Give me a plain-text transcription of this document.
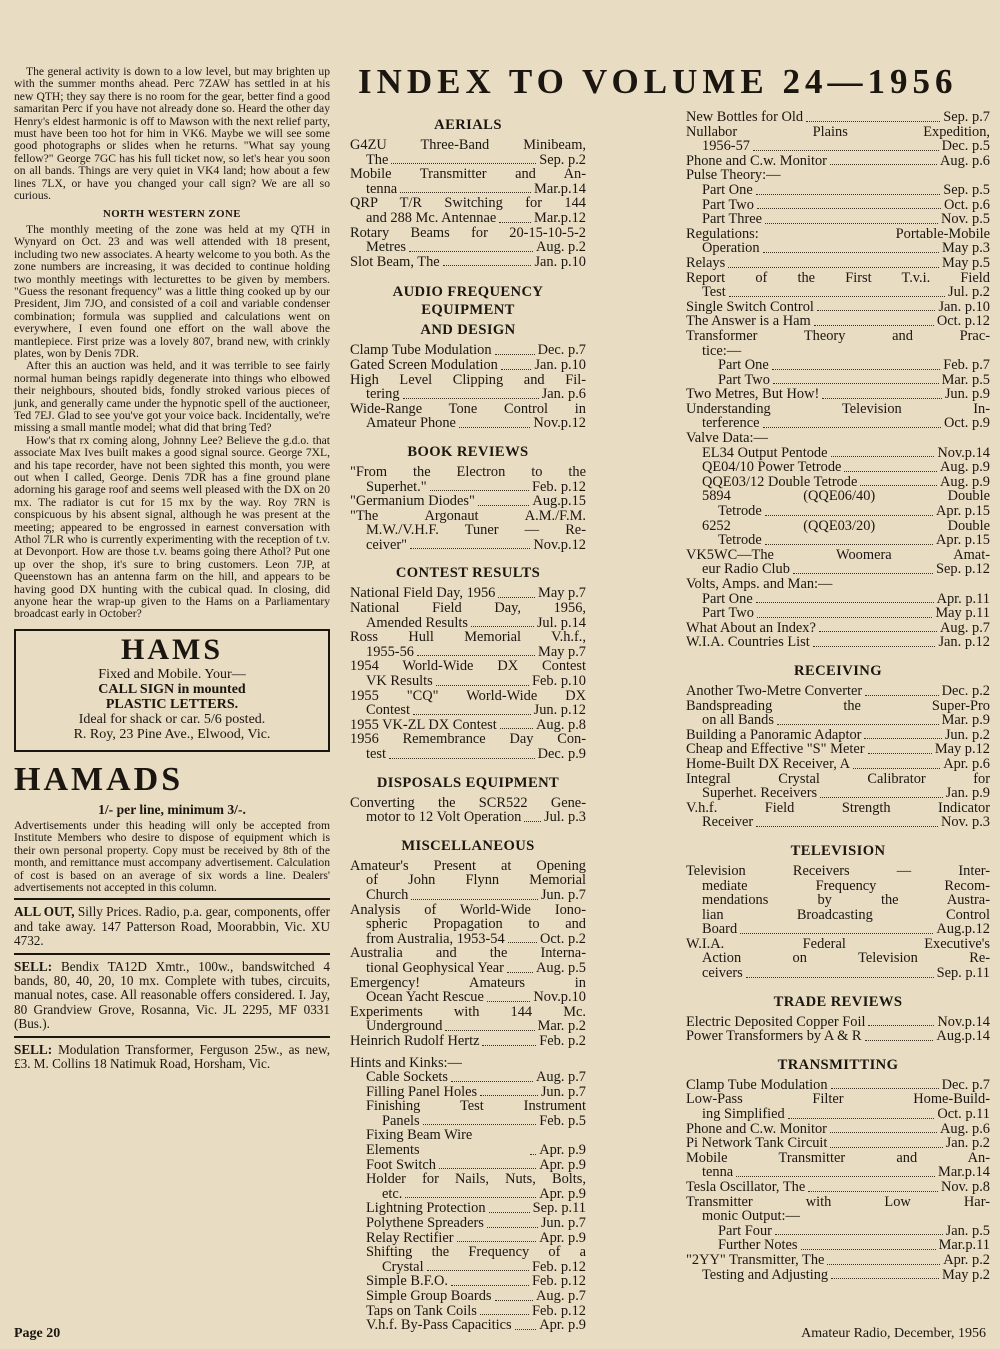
The general activity is down to a low level, but may brighten up with the summer months ahead. Perc 7ZAW has settled in at his new QTH; they say there is no room for the gear, better find a good samaritan Perc if you have not already done so. Heard the other day Henry's eldest harmonic is off to Mawson with the next relief party, must have been too hot for him in VK6. Maybe we will see some good photographs or slides when he returns. "What say young fellow?" George 7GC has his full ticket now, so let's hear you soon on all bands. Things are very quiet in VK4 land; how about a few lines 7LX, or have you changed your call sign? We are all so curious.

NORTH WESTERN ZONE

The monthly meeting of the zone was held at my QTH in Wynyard on Oct. 23 and was well attended with 18 present, including two new associates. A hearty welcome to you both. As the zone numbers are increasing, it was decided to continue holding two monthly meetings with lecturettes to be given by members. "Guess the resonant frequency" was a little thing cooked up by our President, Jim 7JO, and consisted of a coil and variable condenser combination; formula was supplied and calculations went on everywhere, I even found one effort on the wall above the mantlepiece. First prize was a lovely 807, brand new, with crinkly plates, won by Denis 7DR.

After this an auction was held, and it was terrible to see fairly normal human beings rapidly degenerate into things who elbowed their neighbours, shouted bids, fondly stroked various pieces of junk, and generally came under the hypnotic spell of the auctioneer, Ted 7EJ. Glad to see you've got your voice back. Incidentally, we're missing a small mantle model; what did that bring Ted?

How's that rx coming along, Johnny Lee? Believe the g.d.o. that associate Max Ives built makes a good signal source. George 7XL, and his tape recorder, have not been sighted this month, you were out when I called, George. Denis 7DR has a fine ground plane adorning his garage roof and seems well pleased with the DX on 20 mx. The radiator is cut for 15 mx by the way. Roy 7RN is conspicuous by his absent signal, although he was present at the meeting; appeared to be engrossed in earnest conversation with Athol 7LR who is currently experimenting with the reception of t.v. at Devonport. How are those t.v. beams going there Athol? Put one up over the shop, it's sure to bring customers. Leon 7JP, at Queenstown has an antenna farm on the hill, and appears to be having good DX hunting with the cubical quad. In closing, did anyone hear the wrap-up given to the Hams on a Parliamentary broadcast early in October?

HAMS
Fixed and Mobile. Your—
CALL SIGN in mounted
PLASTIC LETTERS.
Ideal for shack or car. 5/6 posted.
R. Roy, 23 Pine Ave., Elwood, Vic.
HAMADS
1/- per line, minimum 3/-.

Advertisements under this heading will only be accepted from Institute Members who desire to dispose of equipment which is their own personal property. Copy must be received by 8th of the month, and remittance must accompany advertisement. Calculation of cost is based on an average of six words a line. Dealers' advertisements not accepted in this column.

ALL OUT, Silly Prices. Radio, p.a. gear, components, offer and take away. 147 Patterson Road, Moorabbin, Vic. XU 4732.

SELL: Bendix TA12D Xmtr., 100w., bandswitched 4 bands, 80, 40, 20, 10 mx. Complete with tubes, circuits, manual notes, case. All reasonable offers considered. I. Jay, 80 Grandview Grove, Rosanna, Vic. JL 2295, MF 0331 (Bus.).

SELL: Modulation Transformer, Ferguson 25w., as new, £3. M. Collins 18 Natimuk Road, Horsham, Vic.

INDEX TO VOLUME 24—1956
AERIALS
G4ZU Three-Band Minibeam,
The	Sep. p.2
Mobile Transmitter and An-
tenna	Mar.p.14
QRP T/R Switching for 144
and 288 Mc. Antennae	Mar.p.12
Rotary Beams for 20-15-10-5-2
Metres	Aug. p.2
Slot Beam, The	Jan. p.10
AUDIO FREQUENCY EQUIPMENT
AND DESIGN
Clamp Tube Modulation	Dec. p.7
Gated Screen Modulation	Jan. p.10
High Level Clipping and Fil-
tering	Jan. p.6
Wide-Range Tone Control in
Amateur Phone	Nov.p.12
BOOK REVIEWS
"From the Electron to the
Superhet."	Feb. p.12
"Germanium Diodes"	Aug.p.15
"The Argonaut A.M./F.M.
M.W./V.H.F. Tuner — Re-
ceiver"	Nov.p.12
CONTEST RESULTS
National Field Day, 1956	May p.7
National Field Day, 1956,
Amended Results	Jul. p.14
Ross Hull Memorial V.h.f.,
1955-56	May p.7
1954 World-Wide DX Contest
VK Results	Feb. p.10
1955 "CQ" World-Wide DX
Contest	Jun. p.12
1955 VK-ZL DX Contest	Aug. p.8
1956 Remembrance Day Con-
test	Dec. p.9
DISPOSALS EQUIPMENT
Converting the SCR522 Gene-
motor to 12 Volt Operation Jul. p.3
MISCELLANEOUS
Amateur's Present at Opening
of John Flynn Memorial
Church	Jun. p.7
Analysis of World-Wide Iono-
spheric Propagation to and
from Australia, 1953-54 Oct. p.2
Australia and the Interna-
tional Geophysical Year Aug. p.5
Emergency! Amateurs in
Ocean Yacht Rescue	Nov.p.10
Experiments with 144 Mc.
Underground	Mar. p.2
Heinrich Rudolf Hertz	Feb. p.2
Hints and Kinks:—
Cable Sockets	Aug. p.7
Filling Panel Holes	Jun. p.7
Finishing Test Instrument
Panels	Feb. p.5
Fixing Beam Wire Elements	Apr. p.9
Foot Switch	Apr. p.9
Holder for Nails, Nuts, Bolts,
etc.	Apr. p.9
Lightning Protection	Sep. p.11
Polythene Spreaders	Jun. p.7
Relay Rectifier	Apr. p.9
Shifting the Frequency of a
Crystal	Feb. p.12
Simple B.F.O.	Feb. p.12
Simple Group Boards	Aug. p.7
Taps on Tank Coils	Feb. p.12
V.h.f. By-Pass Capacitics Apr. p.9
New Bottles for Old	Sep. p.7
Nullabor Plains Expedition,
1956-57	Dec. p.5
Phone and C.w. Monitor	Aug. p.6
Pulse Theory:—
Part One	Sep. p.5
Part Two	Oct. p.6
Part Three	Nov. p.5
Regulations: Portable-Mobile
Operation	May p.3
Relays	May p.5
Report of the First T.v.i. Field
Test	Jul. p.2
Single Switch Control	Jan. p.10
The Answer is a Ham	Oct. p.12
Transformer Theory and Prac-
tice:—
Part One	Feb. p.7
Part Two	Mar. p.5
Two Metres, But How!	Jun. p.9
Understanding Television In-
terference	Oct. p.9
Valve Data:—
EL34 Output Pentode	Nov.p.14
QE04/10 Power Tetrode	Aug. p.9
QQE03/12 Double Tetrode	Aug. p.9
5894 (QQE06/40) Double
Tetrode	Apr. p.15
6252 (QQE03/20) Double
Tetrode	Apr. p.15
VK5WC—The Woomera Amat-
eur Radio Club	Sep. p.12
Volts, Amps. and Man:—
Part One	Apr. p.11
Part Two	May p.11
What About an Index?	Aug. p.7
W.I.A. Countries List	Jan. p.12
RECEIVING
Another Two-Metre Converter	Dec. p.2
Bandspreading the Super-Pro
on all Bands	Mar. p.9
Building a Panoramic Adaptor	Jun. p.2
Cheap and Effective "S" Meter	May p.12
Home-Built DX Receiver, A	Apr. p.6
Integral Crystal Calibrator for
Superhet. Receivers	Jan. p.9
V.h.f. Field Strength Indicator
Receiver	Nov. p.3
TELEVISION
Television Receivers — Inter-
mediate Frequency Recom-
mendations by the Austra-
lian Broadcasting Control
Board	Aug.p.12
W.I.A. Federal Executive's
Action on Television Re-
ceivers	Sep. p.11
TRADE REVIEWS
Electric Deposited Copper Foil	Nov.p.14
Power Transformers by A & R	Aug.p.14
TRANSMITTING
Clamp Tube Modulation	Dec. p.7
Low-Pass Filter Home-Build-
ing Simplified	Oct. p.11
Phone and C.w. Monitor	Aug. p.6
Pi Network Tank Circuit	Jan. p.2
Mobile Transmitter and An-
tenna	Mar.p.14
Tesla Oscillator, The	Nov. p.8
Transmitter with Low Har-
monic Output:—
Part Four	Jan. p.5
Further Notes	Mar.p.11
"2YY" Transmitter, The	Apr. p.2
Testing and Adjusting	May p.2
Page 20	Amateur Radio, December, 1956
